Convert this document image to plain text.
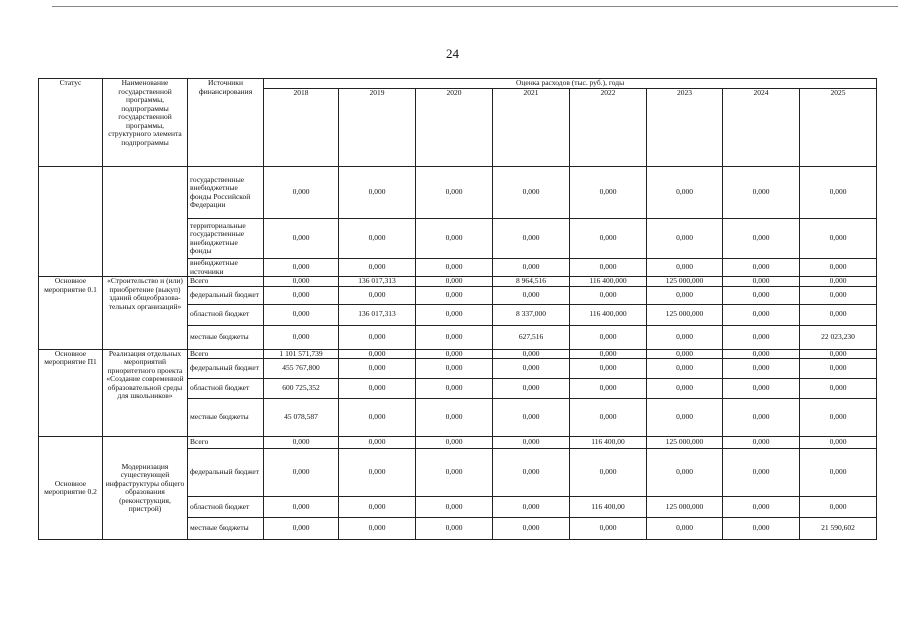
24
Статус	Наименование государственной программы, подпрограммы государственной программы, структурного элемента подпрограммы	Источники финансирования	Оценка расходов (тыс. руб.), годы							
			2018	2019	2020	2021	2022	2023	2024	2025
		государственные внебюджетные фонды Российской Федерации	0,000	0,000	0,000	0,000	0,000	0,000	0,000	0,000
		территориальные государственные внебюджетные фонды	0,000	0,000	0,000	0,000	0,000	0,000	0,000	0,000
		внебюджетные источники	0,000	0,000	0,000	0,000	0,000	0,000	0,000	0,000
Основное мероприятие 0.1	«Строительство и (или) приобретение (выкуп) зданий общеобразова-тельных организаций»	Всего	0,000	136 017,313	0,000	8 964,516	116 400,000	125 000,000	0,000	0,000
		федеральный бюджет	0,000	0,000	0,000	0,000	0,000	0,000	0,000	0,000
		областной бюджет	0,000	136 017,313	0,000	8 337,000	116 400,000	125 000,000	0,000	0,000
		местные бюджеты	0,000	0,000	0,000	627,516	0,000	0,000	0,000	22 023,230
Основное мероприятие П1	Реализация отдельных мероприятий приоритетного проекта «Создание современной образовательной среды для школьников»	Всего	1 101 571,739	0,000	0,000	0,000	0,000	0,000	0,000	0,000
		федеральный бюджет	455 767,800	0,000	0,000	0,000	0,000	0,000	0,000	0,000
		областной бюджет	600 725,352	0,000	0,000	0,000	0,000	0,000	0,000	0,000
		местные бюджеты	45 078,587	0,000	0,000	0,000	0,000	0,000	0,000	0,000
Основное мероприятие 0.2	Модернизация существующей инфраструктуры общего образования (реконструкция, пристрой)	Всего	0,000	0,000	0,000	0,000	116 400,00	125 000,000	0,000	0,000
		федеральный бюджет	0,000	0,000	0,000	0,000	0,000	0,000	0,000	0,000
		областной бюджет	0,000	0,000	0,000	0,000	116 400,00	125 000,000	0,000	0,000
		местные бюджеты	0,000	0,000	0,000	0,000	0,000	0,000	0,000	21 590,602
